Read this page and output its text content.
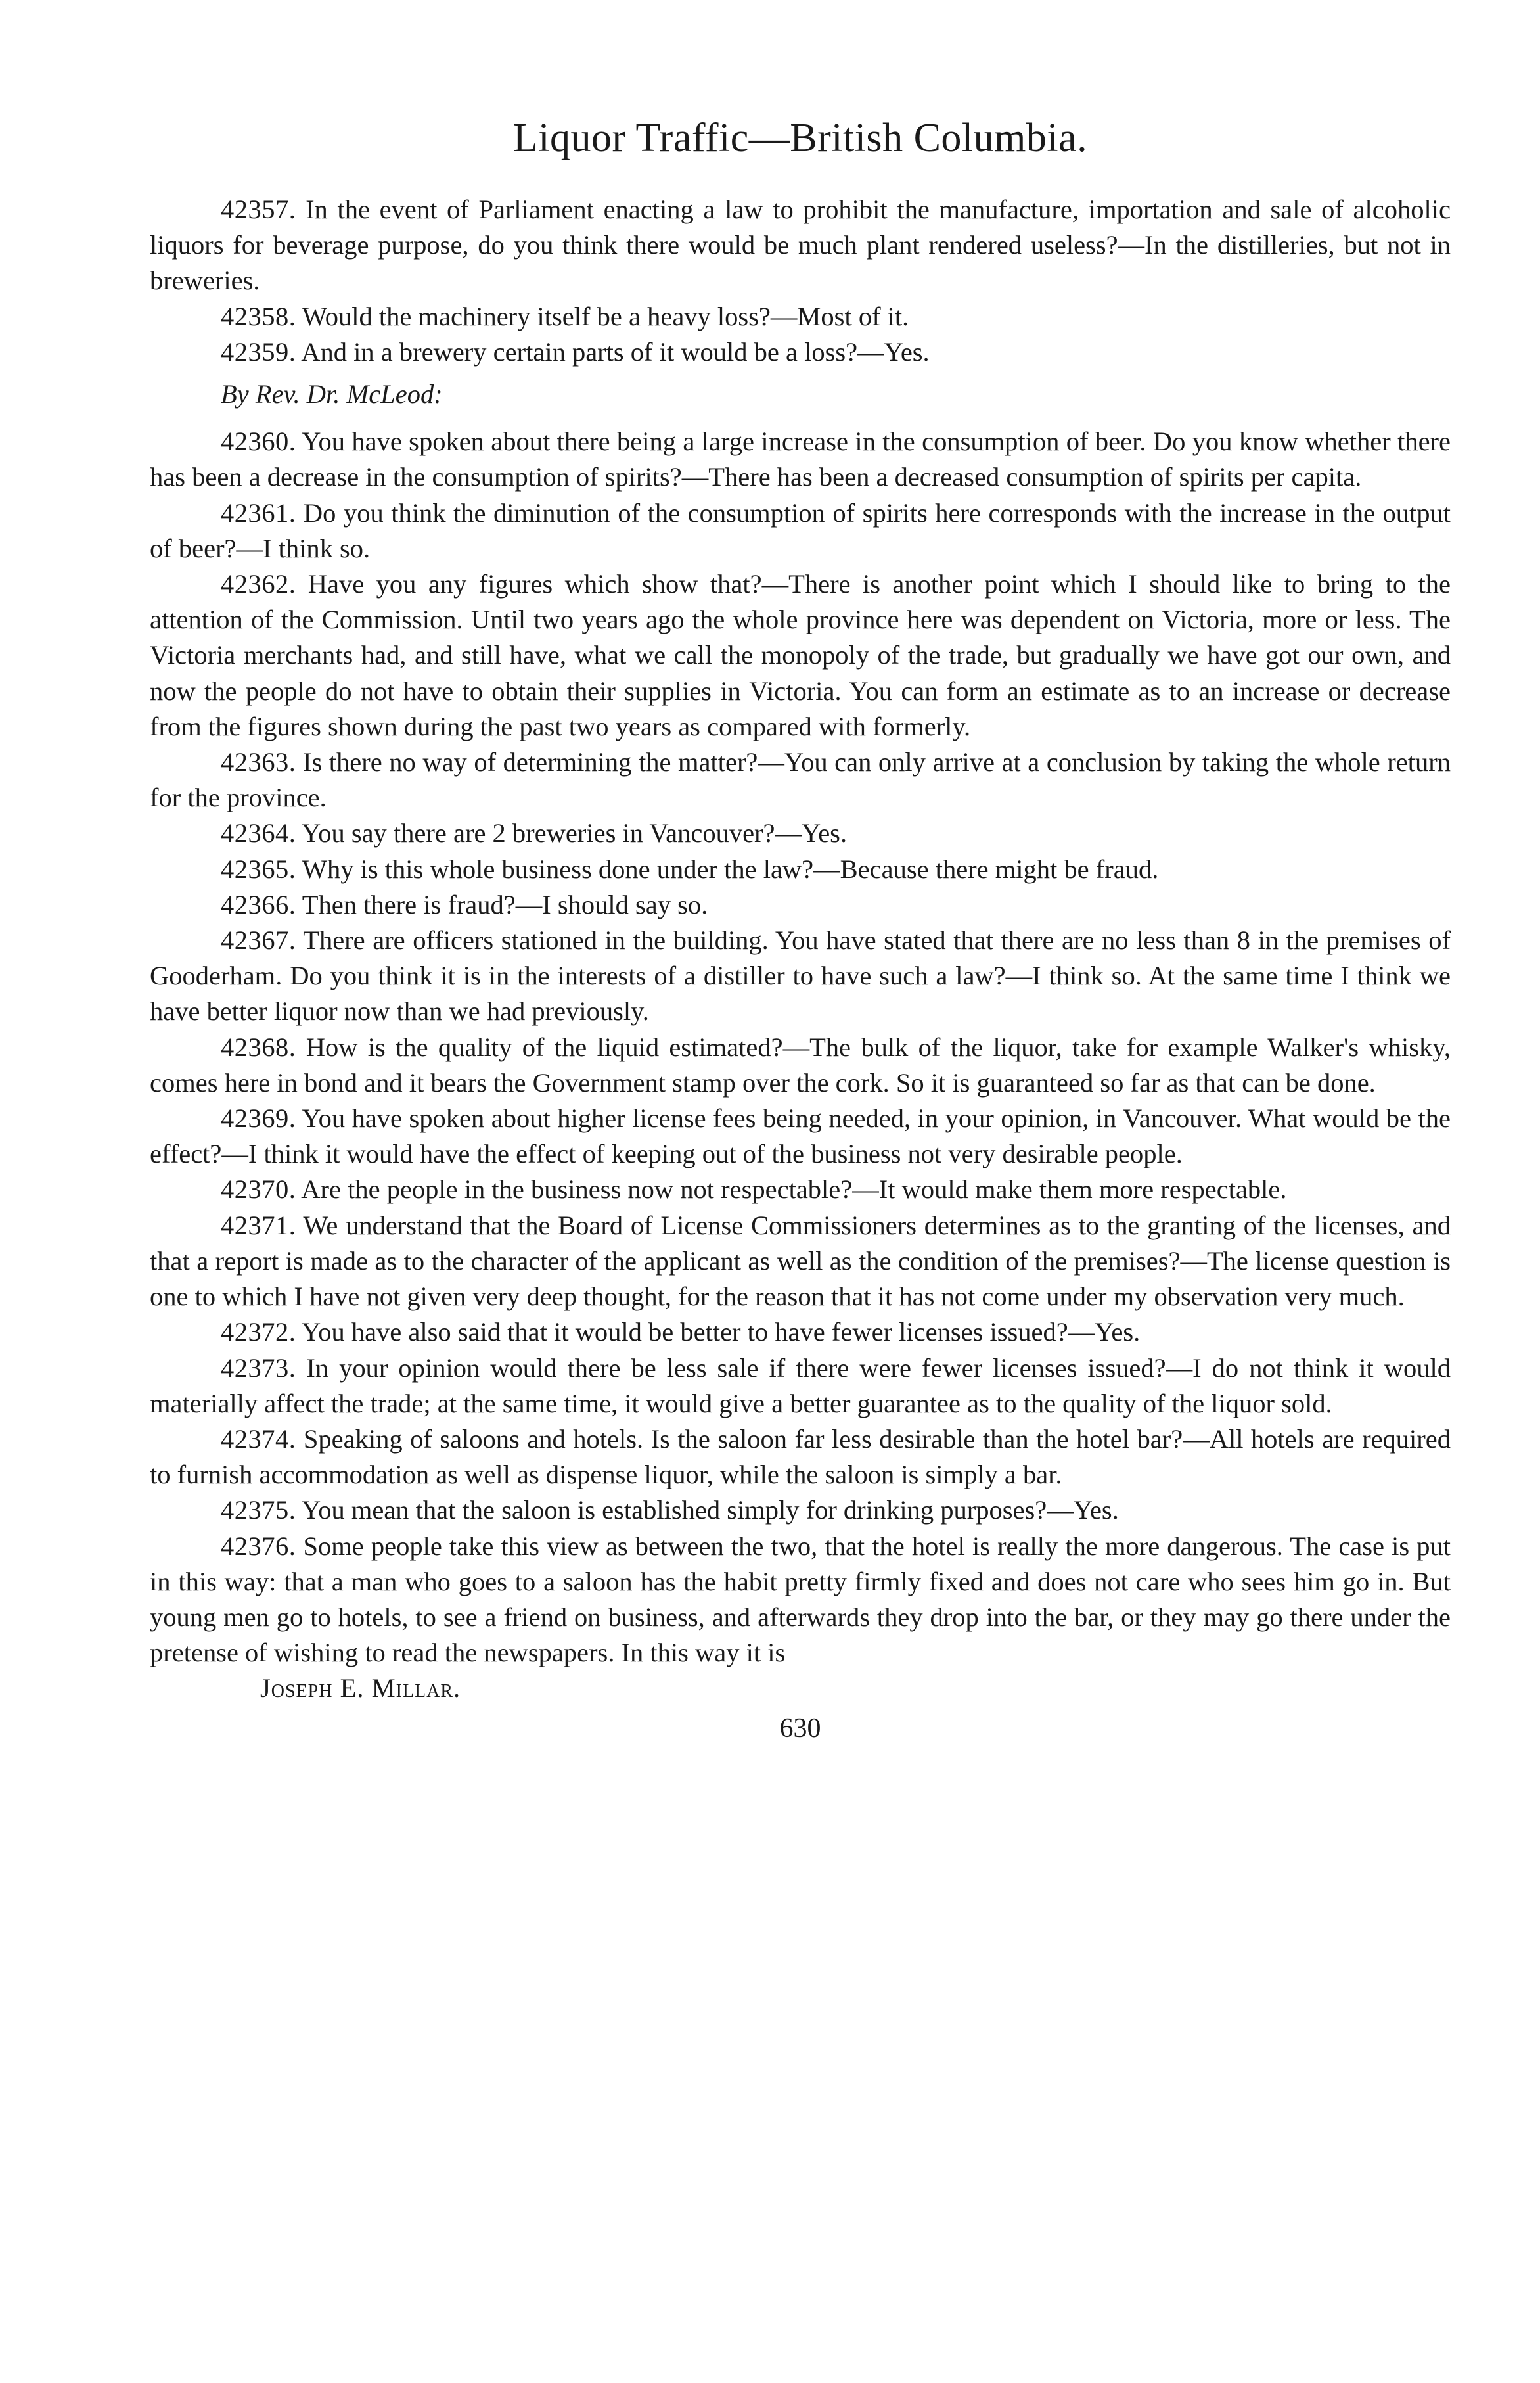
Liquor Traffic—British Columbia.

42357. In the event of Parliament enacting a law to prohibit the manufacture, importation and sale of alcoholic liquors for beverage purpose, do you think there would be much plant rendered useless?—In the distilleries, but not in breweries.

42358. Would the machinery itself be a heavy loss?—Most of it.

42359. And in a brewery certain parts of it would be a loss?—Yes.

By Rev. Dr. McLeod:

42360. You have spoken about there being a large increase in the consumption of beer. Do you know whether there has been a decrease in the consumption of spirits?—There has been a decreased consumption of spirits per capita.

42361. Do you think the diminution of the consumption of spirits here corresponds with the increase in the output of beer?—I think so.

42362. Have you any figures which show that?—There is another point which I should like to bring to the attention of the Commission. Until two years ago the whole province here was dependent on Victoria, more or less. The Victoria merchants had, and still have, what we call the monopoly of the trade, but gradually we have got our own, and now the people do not have to obtain their supplies in Victoria. You can form an estimate as to an increase or decrease from the figures shown during the past two years as compared with formerly.

42363. Is there no way of determining the matter?—You can only arrive at a conclusion by taking the whole return for the province.

42364. You say there are 2 breweries in Vancouver?—Yes.

42365. Why is this whole business done under the law?—Because there might be fraud.

42366. Then there is fraud?—I should say so.

42367. There are officers stationed in the building. You have stated that there are no less than 8 in the premises of Gooderham. Do you think it is in the interests of a distiller to have such a law?—I think so. At the same time I think we have better liquor now than we had previously.

42368. How is the quality of the liquid estimated?—The bulk of the liquor, take for example Walker's whisky, comes here in bond and it bears the Government stamp over the cork. So it is guaranteed so far as that can be done.

42369. You have spoken about higher license fees being needed, in your opinion, in Vancouver. What would be the effect?—I think it would have the effect of keeping out of the business not very desirable people.

42370. Are the people in the business now not respectable?—It would make them more respectable.

42371. We understand that the Board of License Commissioners determines as to the granting of the licenses, and that a report is made as to the character of the applicant as well as the condition of the premises?—The license question is one to which I have not given very deep thought, for the reason that it has not come under my observation very much.

42372. You have also said that it would be better to have fewer licenses issued?—Yes.

42373. In your opinion would there be less sale if there were fewer licenses issued?—I do not think it would materially affect the trade; at the same time, it would give a better guarantee as to the quality of the liquor sold.

42374. Speaking of saloons and hotels. Is the saloon far less desirable than the hotel bar?—All hotels are required to furnish accommodation as well as dispense liquor, while the saloon is simply a bar.

42375. You mean that the saloon is established simply for drinking purposes?—Yes.

42376. Some people take this view as between the two, that the hotel is really the more dangerous. The case is put in this way: that a man who goes to a saloon has the habit pretty firmly fixed and does not care who sees him go in. But young men go to hotels, to see a friend on business, and afterwards they drop into the bar, or they may go there under the pretense of wishing to read the newspapers. In this way it is

Joseph E. Millar.
630
